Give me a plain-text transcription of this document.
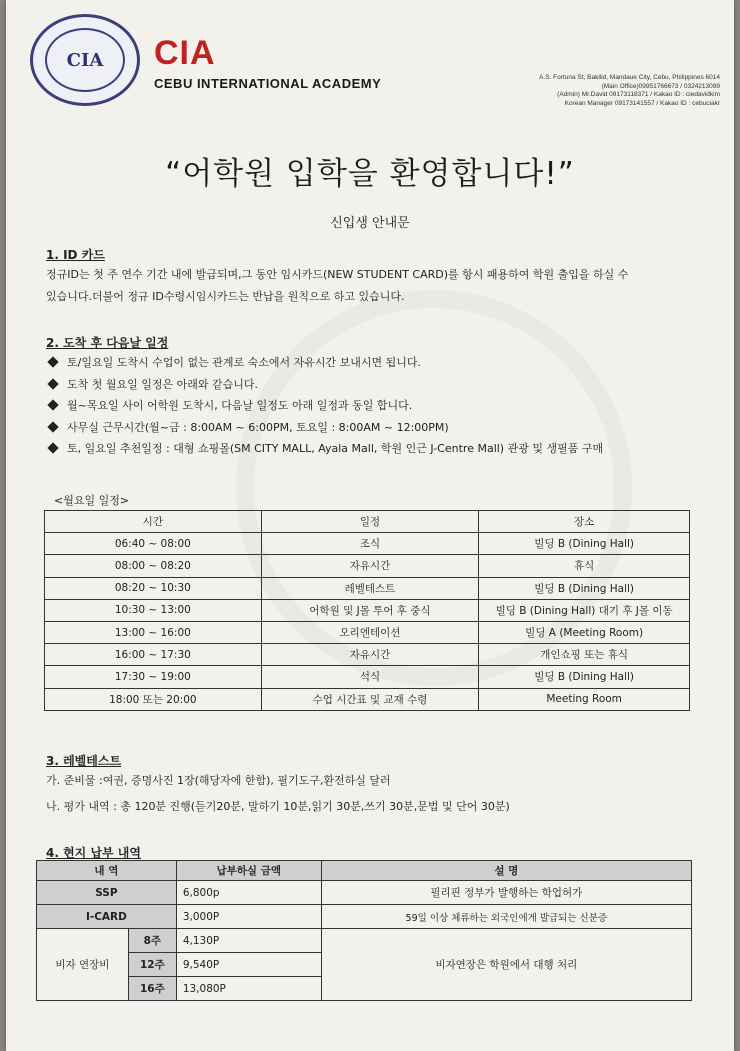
CIA	CIA
CEBU INTERNATIONAL ACADEMY	A.S. Fortuna St, Bakilid, Mandaue City, Cebu, Philippines 6014
(Main Office)09951766673 / 0324213099
(Admin) Mr.David 09173118371 / Kakao ID : ciedavidkim
Korean Manager 09173141557 / Kakao ID : cebuciakr
“어학원 입학을 환영합니다!”
신입생 안내문
1. ID 카드
정규ID는 첫 주 연수 기간 내에 발급되며,그 동안 임시카드(NEW STUDENT CARD)를 항시 패용하여 학원 출입을 하실 수
있습니다.더불어 정규 ID수령시임시카드는 반납을 원칙으로 하고 있습니다.
2. 도착 후 다음날 일정
토/일요일 도착시 수업이 없는 관계로 숙소에서 자유시간 보내시면 됩니다.
도착 첫 월요일 일정은 아래와 같습니다.
월~목요일 사이 어학원 도착시, 다음날 일정도 아래 일정과 동일 합니다.
사무실 근무시간(월~금 : 8:00AM ~ 6:00PM, 토요일 : 8:00AM ~ 12:00PM)
토, 일요일 추천일정 : 대형 쇼핑몰(SM CITY MALL, Ayala Mall, 학원 인근 J-Centre Mall) 관광 및 생필품 구매
<월요일 일정>
시간	일정	장소
06:40 ~ 08:00	조식	빌딩 B (Dining Hall)
08:00 ~ 08:20	자유시간	휴식
08:20 ~ 10:30	레벨테스트	빌딩 B (Dining Hall)
10:30 ~ 13:00	어학원 및 J몰 투어 후 중식	빌딩 B (Dining Hall) 대기 후 J몰 이동
13:00 ~ 16:00	오리엔테이션	빌딩 A (Meeting Room)
16:00 ~ 17:30	자유시간	개인쇼핑 또는 휴식
17:30 ~ 19:00	석식	빌딩 B (Dining Hall)
18:00 또는 20:00	수업 시간표 및 교재 수령	Meeting Room
3. 레벨테스트
가. 준비물 :여권, 증명사진 1장(해당자에 한함), 필기도구,환전하실 달러
나. 평가 내역 : 총 120분 진행(듣기20분, 말하기 10분,읽기 30분,쓰기 30분,문법 및 단어 30분)
4. 현지 납부 내역
내 역		납부하실 금액	설 명
SSP		6,800p	필리핀 정부가 발행하는 학업허가
I-CARD		3,000P	59일 이상 체류하는 외국인에게 발급되는 신분증
비자 연장비	8주	4,130P	비자연장은 학원에서 대행 처리
	12주	9,540P	
	16주	13,080P	
